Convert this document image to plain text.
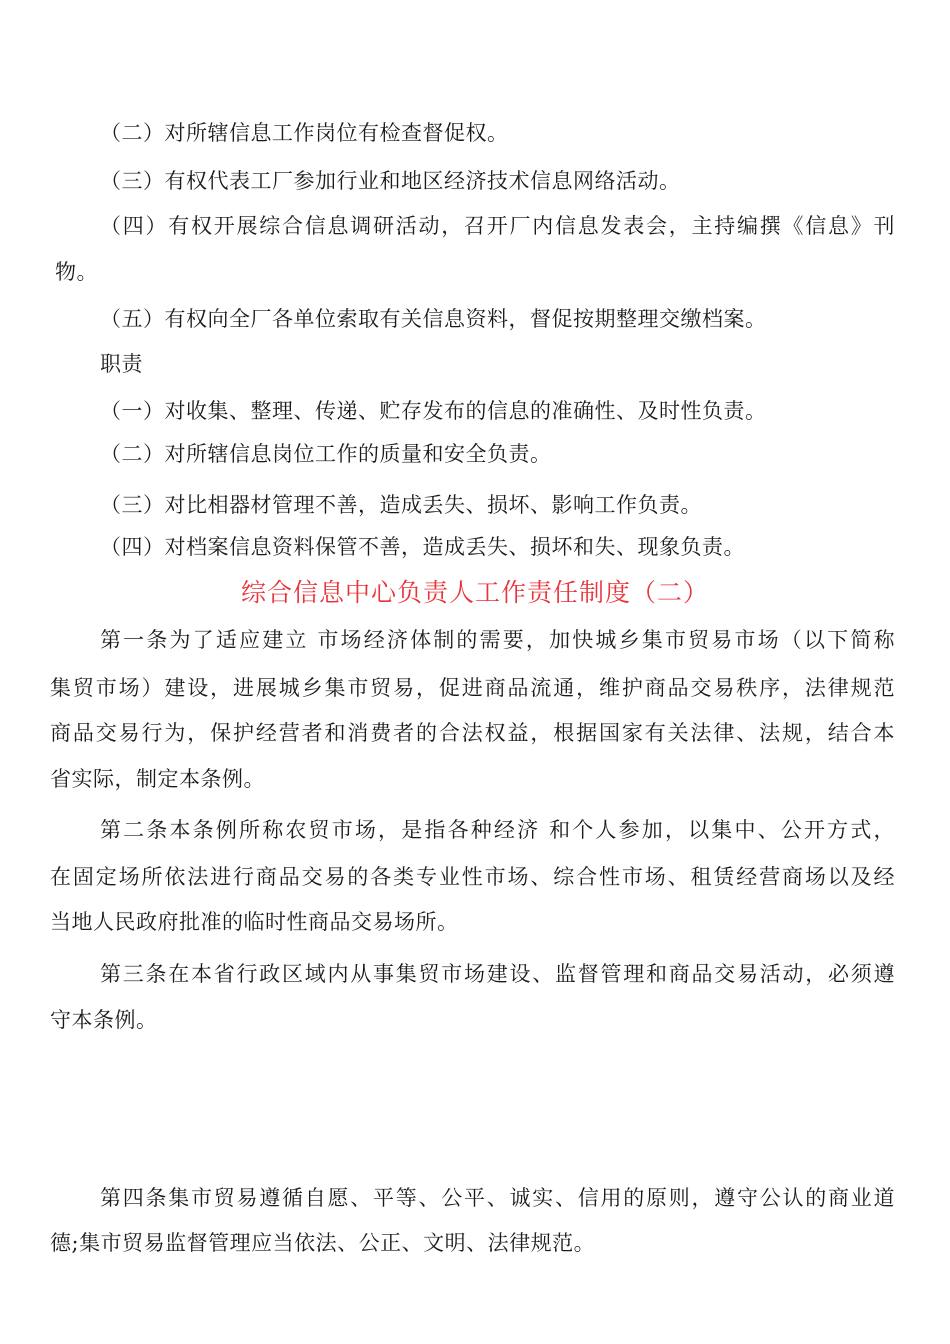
（二）对所辖信息工作岗位有检查督促权。
（三）有权代表工厂参加行业和地区经济技术信息网络活动。
（四）有权开展综合信息调研活动，召开厂内信息发表会，主持编撰《信息》刊
物。
（五）有权向全厂各单位索取有关信息资料，督促按期整理交缴档案。
职责
（一）对收集、整理、传递、贮存发布的信息的准确性、及时性负责。
（二）对所辖信息岗位工作的质量和安全负责。
（三）对比相器材管理不善，造成丢失、损坏、影响工作负责。
（四）对档案信息资料保管不善，造成丢失、损坏和失、现象负责。
综合信息中心负责人工作责任制度（二）
第一条为了适应建立 市场经济体制的需要，加快城乡集市贸易市场（以下简称
集贸市场）建设，进展城乡集市贸易，促进商品流通，维护商品交易秩序，法律规范
商品交易行为，保护经营者和消费者的合法权益，根据国家有关法律、法规，结合本
省实际，制定本条例。
第二条本条例所称农贸市场，是指各种经济 和个人参加，以集中、公开方式，
在固定场所依法进行商品交易的各类专业性市场、综合性市场、租赁经营商场以及经
当地人民政府批准的临时性商品交易场所。
第三条在本省行政区域内从事集贸市场建设、监督管理和商品交易活动，必须遵
守本条例。
第四条集市贸易遵循自愿、平等、公平、诚实、信用的原则，遵守公认的商业道
德;集市贸易监督管理应当依法、公正、文明、法律规范。
